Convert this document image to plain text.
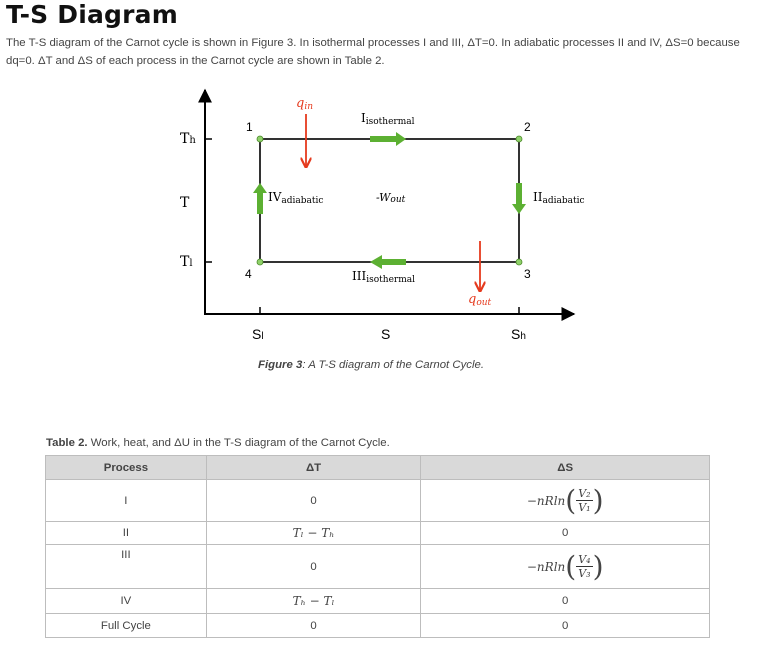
T-S Diagram

The T-S diagram of the Carnot cycle is shown in Figure 3. In isothermal processes I and III, ΔT=0. In adiabatic processes II and IV, ΔS=0 because dq=0. ΔT and ΔS of each process in the Carnot cycle are shown in Table 2.

Th
T
Tl
Sl	S	Sh
1	2
3
4
qin
qout
-Wout
Iisothermal
IIadiabatic
IIIisothermal
IVadiabatic

Figure 3: A T-S diagram of the Carnot Cycle.

Table 2. Work, heat, and ΔU in the T-S diagram of the Carnot Cycle.

Process	ΔT	ΔS
I	0	−nRln ( $\frac{\text{V₂}}{\text{V₁}}$ )

II	Tₗ − Tₕ	0
III	0	−nRln ( $\frac{\text{V₄}}{\text{V₃}}$ )

IV	Tₕ − Tₗ	0
Full Cycle	0	0
